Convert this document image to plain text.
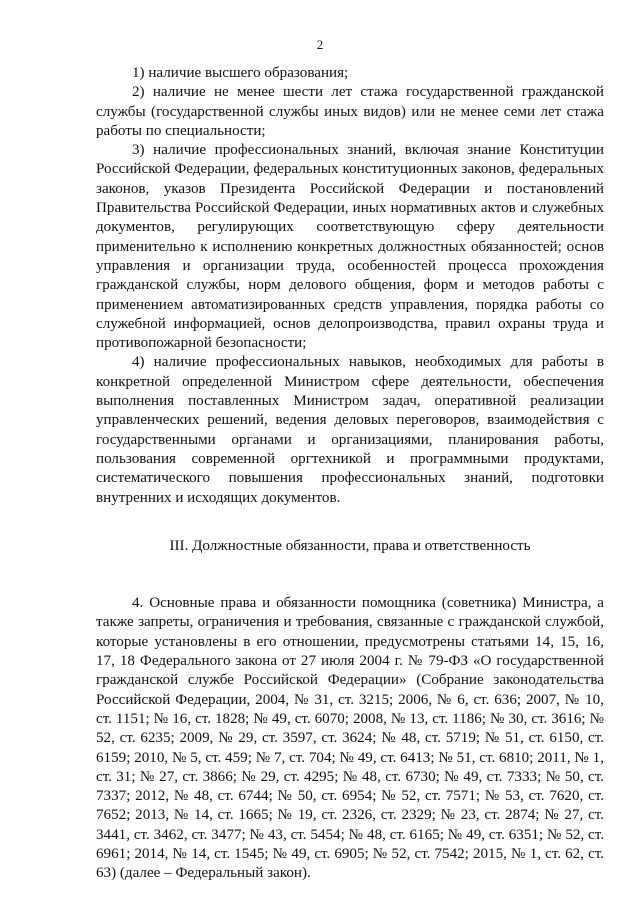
2

1) наличие высшего образования;

2) наличие не менее шести лет стажа государственной гражданской службы (государственной службы иных видов) или не менее семи лет стажа работы по специальности;

3) наличие профессиональных знаний, включая знание Конституции Российской Федерации, федеральных конституционных законов, федеральных законов, указов Президента Российской Федерации и постановлений Правительства Российской Федерации, иных нормативных актов и служебных документов, регулирующих соответствующую сферу деятельности применительно к исполнению конкретных должностных обязанностей; основ управления и организации труда, особенностей процесса прохождения гражданской службы, норм делового общения, форм и методов работы с применением автоматизированных средств управления, порядка работы со служебной информацией, основ делопроизводства, правил охраны труда и противопожарной безопасности;

4) наличие профессиональных навыков, необходимых для работы в конкретной определенной Министром сфере деятельности, обеспечения выполнения поставленных Министром задач, оперативной реализации управленческих решений, ведения деловых переговоров, взаимодействия с государственными органами и организациями, планирования работы, пользования современной оргтехникой и программными продуктами, систематического повышения профессиональных знаний, подготовки внутренних и исходящих документов.

III. Должностные обязанности, права и ответственность

4. Основные права и обязанности помощника (советника) Министра, а также запреты, ограничения и требования, связанные с гражданской службой, которые установлены в его отношении, предусмотрены статьями 14, 15, 16, 17, 18 Федерального закона от 27 июля 2004 г. № 79-ФЗ «О государственной гражданской службе Российской Федерации» (Собрание законодательства Российской Федерации, 2004, № 31, ст. 3215; 2006, № 6, ст. 636; 2007, № 10, ст. 1151; № 16, ст. 1828; № 49, ст. 6070; 2008, № 13, ст. 1186; № 30, ст. 3616; № 52, ст. 6235; 2009, № 29, ст. 3597, ст. 3624; № 48, ст. 5719; № 51, ст. 6150, ст. 6159; 2010, № 5, ст. 459; № 7, ст. 704; № 49, ст. 6413; № 51, ст. 6810; 2011, № 1, ст. 31; № 27, ст. 3866; № 29, ст. 4295; № 48, ст. 6730; № 49, ст. 7333; № 50, ст. 7337; 2012, № 48, ст. 6744; № 50, ст. 6954; № 52, ст. 7571; № 53, ст. 7620, ст. 7652; 2013, № 14, ст. 1665; № 19, ст. 2326, ст. 2329; № 23, ст. 2874; № 27, ст. 3441, ст. 3462, ст. 3477; № 43, ст. 5454; № 48, ст. 6165; № 49, ст. 6351; № 52, ст. 6961; 2014, № 14, ст. 1545; № 49, ст. 6905; № 52, ст. 7542; 2015, № 1, ст. 62, ст. 63) (далее – Федеральный закон).
